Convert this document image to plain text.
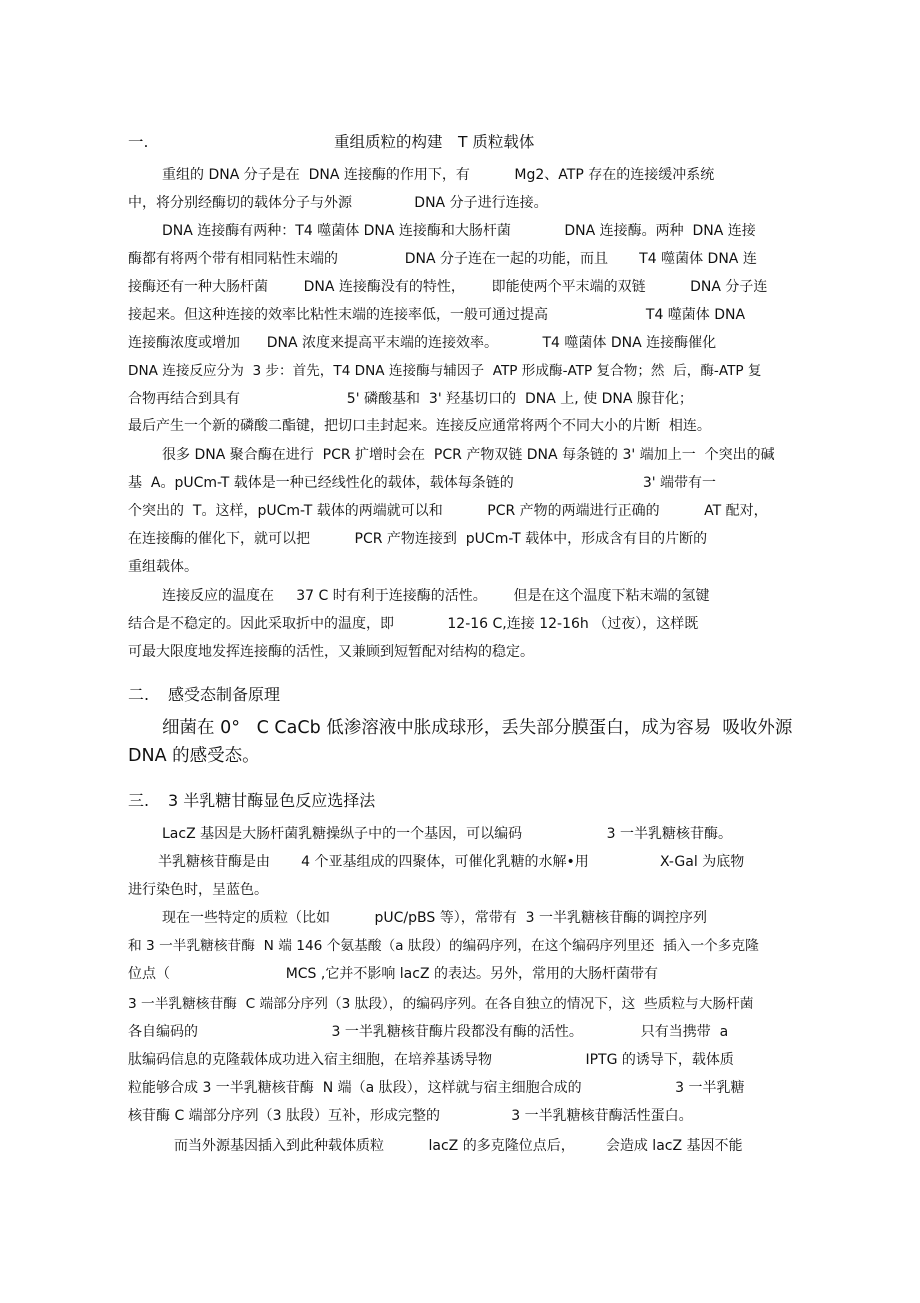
一.	重组质粒的构建　T 质粒载体
重组的 DNA 分子是在  DNA 连接酶的作用下，有          Mg2、ATP 存在的连接缓冲系统
中，将分别经酶切的载体分子与外源              DNA 分子进行连接。
DNA 连接酶有两种：T4 噬菌体 DNA 连接酶和大肠杆菌            DNA 连接酶。两种  DNA 连接
酶都有将两个带有相同粘性末端的               DNA 分子连在一起的功能，而且       T4 噬菌体 DNA 连
接酶还有一种大肠杆菌        DNA 连接酶没有的特性，      即能使两个平末端的双链          DNA 分子连
接起来。但这种连接的效率比粘性末端的连接率低，一般可通过提高                      T4 噬菌体 DNA
连接酶浓度或增加      DNA 浓度来提高平末端的连接效率。          T4 噬菌体 DNA 连接酶催化
DNA 连接反应分为  3 步：首先，T4 DNA 连接酶与辅因子  ATP 形成酶-ATP 复合物；然  后，酶-ATP 复
合物再结合到具有                        5' 磷酸基和  3' 羟基切口的  DNA 上, 使 DNA 腺苷化；
最后产生一个新的磷酸二酯键，把切口圭封起来。连接反应通常将两个不同大小的片断  相连。
很多 DNA 聚合酶在进行  PCR 扩增时会在  PCR 产物双链 DNA 每条链的 3' 端加上一  个突出的碱
基  A。pUCm-T 载体是一种已经线性化的载体，载体每条链的                             3' 端带有一
个突出的  T。这样，pUCm-T 载体的两端就可以和          PCR 产物的两端进行正确的          AT 配对，
在连接酶的催化下，就可以把          PCR 产物连接到  pUCm-T 载体中，形成含有目的片断的
重组载体。
连接反应的温度在     37 C 时有利于连接酶的活性。      但是在这个温度下粘末端的氢键
结合是不稳定的。因此采取折中的温度，即            12-16 C,连接 12-16h （过夜），这样既
可最大限度地发挥连接酶的活性，又兼顾到短暂配对结构的稳定。
二. 感受态制备原理
细菌在 0°   C CaCb 低渗溶液中胀成球形，丢失部分膜蛋白，成为容易  吸收外源
DNA 的感受态。
三. 3 半乳糖甘酶显色反应选择法
LacZ 基因是大肠杆菌乳糖操纵子中的一个基因，可以编码                   3 一半乳糖核苷酶。
半乳糖核苷酶是由       4 个亚基组成的四聚体，可催化乳糖的水解•用                X-Gal 为底物
进行染色时，呈蓝色。
现在一些特定的质粒（比如          pUC/pBS 等），常带有  3 一半乳糖核苷酶的调控序列
和 3 一半乳糖核苷酶  N 端 146 个氨基酸（a 肽段）的编码序列，在这个编码序列里还  插入一个多克隆
位点（                          MCS ,它并不影响 lacZ 的表达。另外，常用的大肠杆菌带有
3 一半乳糖核苷酶  C 端部分序列（3 肽段），的编码序列。在各自独立的情况下，这  些质粒与大肠杆菌
各自编码的                              3 一半乳糖核苷酶片段都没有酶的活性。             只有当携带  a
肽编码信息的克隆载体成功进入宿主细胞，在培养基诱导物                     IPTG 的诱导下，载体质
粒能够合成 3 一半乳糖核苷酶  N 端（a 肽段），这样就与宿主细胞合成的                     3 一半乳糖
核苷酶 C 端部分序列（3 肽段）互补，形成完整的                3 一半乳糖核苷酶活性蛋白。
而当外源基因插入到此种载体质粒          lacZ 的多克隆位点后，       会造成 lacZ 基因不能
